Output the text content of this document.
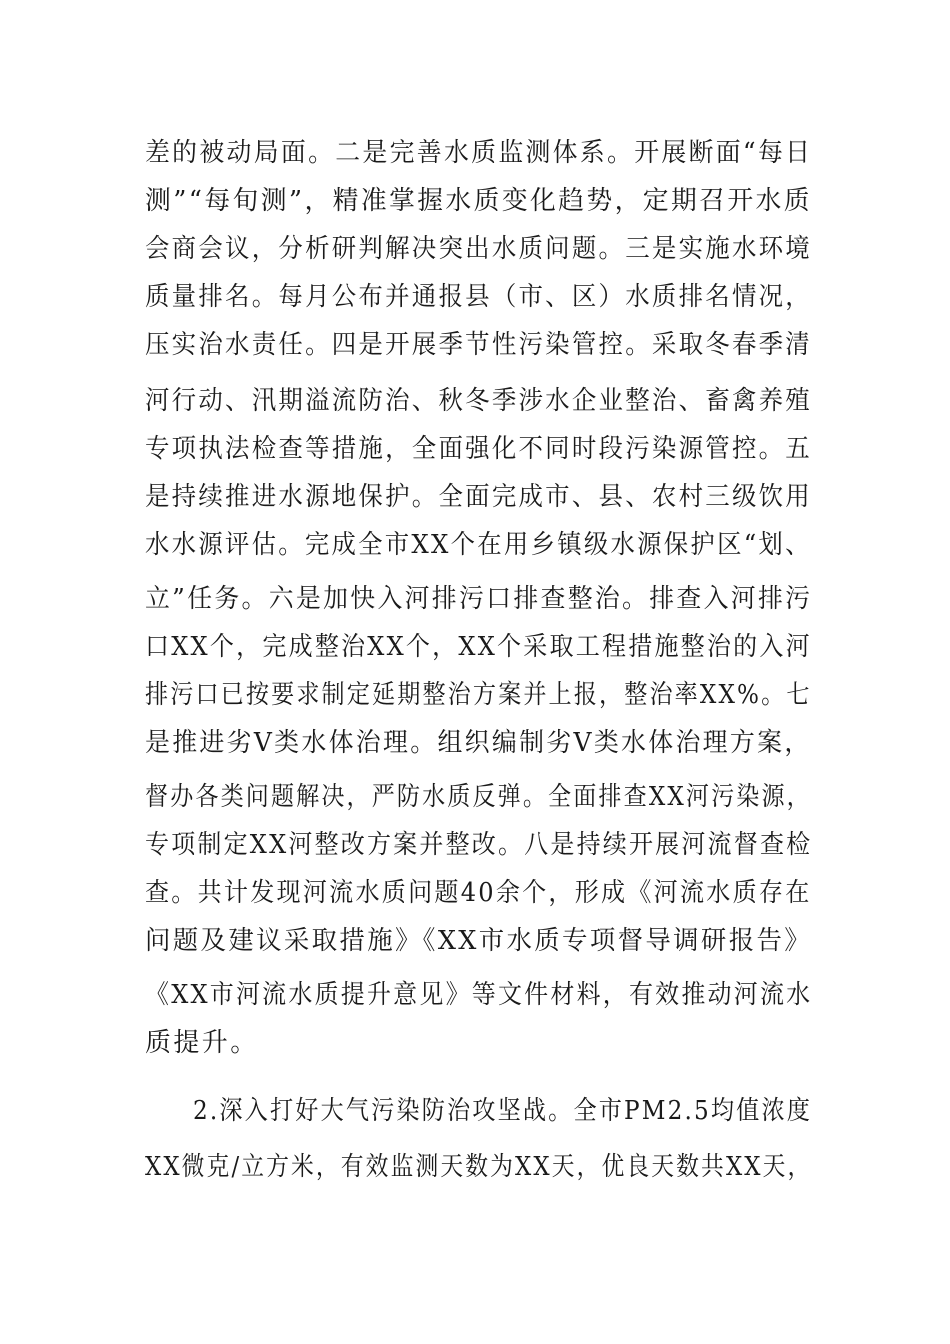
差的被动局面。二是完善水质监测体系。开展断面“每日
测”“每旬测”，精准掌握水质变化趋势，定期召开水质
会商会议，分析研判解决突出水质问题。三是实施水环境
质量排名。每月公布并通报县（市、区）水质排名情况，
压实治水责任。四是开展季节性污染管控。采取冬春季清
河行动、汛期溢流防治、秋冬季涉水企业整治、畜禽养殖
专项执法检查等措施，全面强化不同时段污染源管控。五
是持续推进水源地保护。全面完成市、县、农村三级饮用
水水源评估。完成全市XX个在用乡镇级水源保护区“划、
立”任务。六是加快入河排污口排查整治。排查入河排污
口XX个，完成整治XX个，XX个采取工程措施整治的入河
排污口已按要求制定延期整治方案并上报，整治率XX%。七
是推进劣Ⅴ类水体治理。组织编制劣Ⅴ类水体治理方案，
督办各类问题解决，严防水质反弹。全面排查XX河污染源，
专项制定XX河整改方案并整改。八是持续开展河流督查检
查。共计发现河流水质问题40余个，形成《河流水质存在
问题及建议采取措施》《XX市水质专项督导调研报告》
《XX市河流水质提升意见》等文件材料，有效推动河流水
质提升。
2.深入打好大气污染防治攻坚战。全市PM2.5均值浓度
XX微克/立方米，有效监测天数为XX天，优良天数共XX天，
